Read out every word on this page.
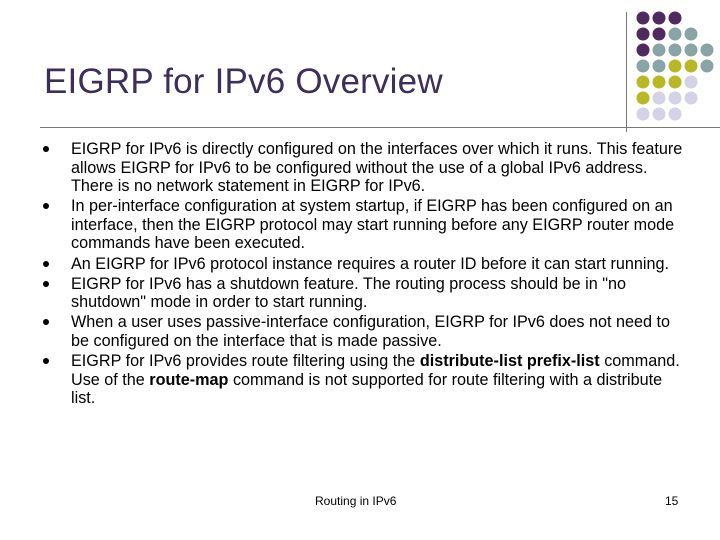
EIGRP for IPv6 Overview
EIGRP for IPv6 is directly configured on the interfaces over which it runs. This feature allows EIGRP for IPv6 to be configured without the use of a global IPv6 address. There is no network statement in EIGRP for IPv6.
In per-interface configuration at system startup, if EIGRP has been configured on an interface, then the EIGRP protocol may start running before any EIGRP router mode commands have been executed.
An EIGRP for IPv6 protocol instance requires a router ID before it can start running.
EIGRP for IPv6 has a shutdown feature. The routing process should be in "no shutdown" mode in order to start running.
When a user uses passive-interface configuration, EIGRP for IPv6 does not need to be configured on the interface that is made passive.
EIGRP for IPv6 provides route filtering using the distribute-list prefix-list command. Use of the route-map command is not supported for route filtering with a distribute list.
Routing in IPv6	15
